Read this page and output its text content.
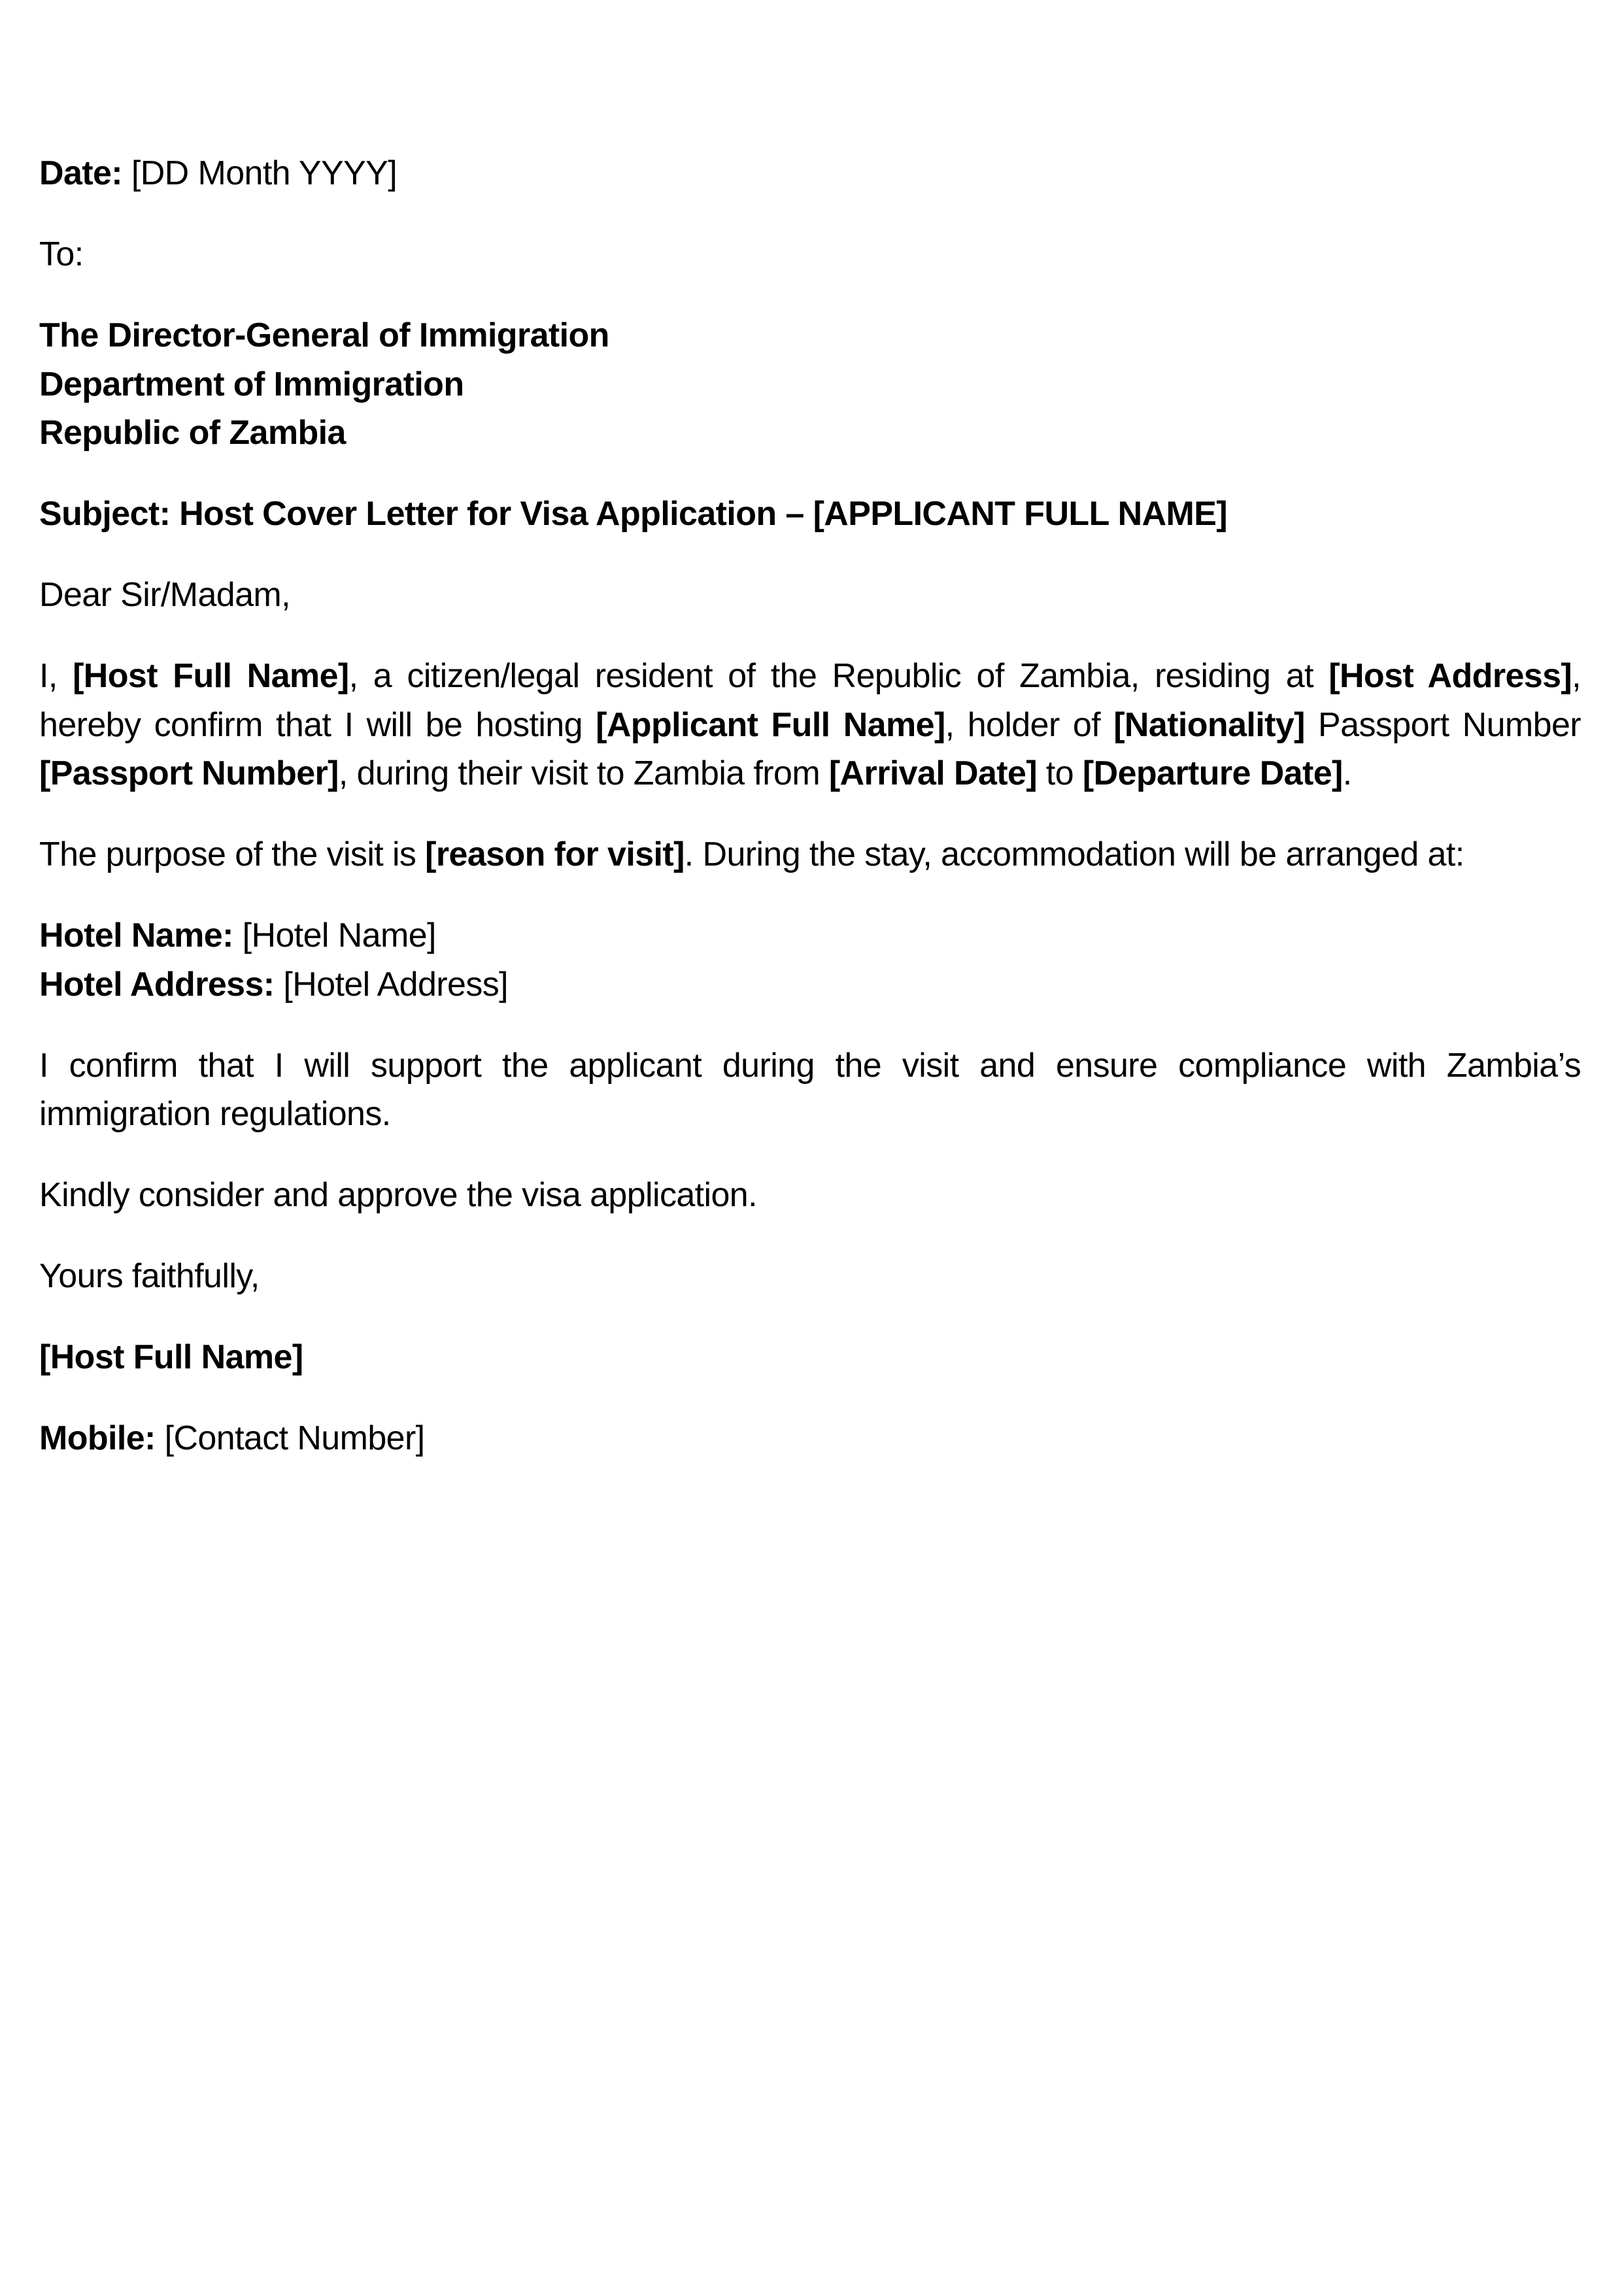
Date: [DD Month YYYY]

To:

The Director-General of Immigration
Department of Immigration
Republic of Zambia

Subject: Host Cover Letter for Visa Application – [APPLICANT FULL NAME]

Dear Sir/Madam,

I, [Host Full Name], a citizen/legal resident of the Republic of Zambia, residing at [Host Address], hereby confirm that I will be hosting [Applicant Full Name], holder of [Nationality] Passport Number [Passport Number], during their visit to Zambia from [Arrival Date] to [Departure Date].

The purpose of the visit is [reason for visit]. During the stay, accommodation will be arranged at:

Hotel Name: [Hotel Name]
Hotel Address: [Hotel Address]

I confirm that I will support the applicant during the visit and ensure compliance with Zambia’s immigration regulations.

Kindly consider and approve the visa application.

Yours faithfully,

[Host Full Name]

Mobile: [Contact Number]
